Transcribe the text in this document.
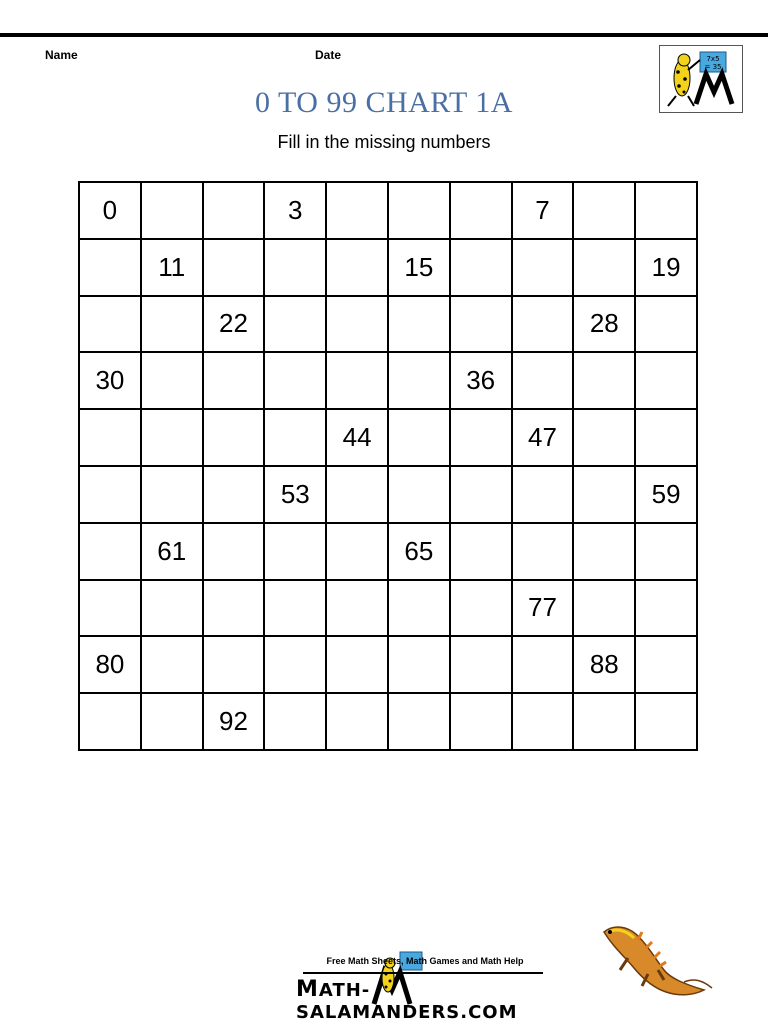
Name	Date	7x5
= 35
0 TO 99 CHART 1A
Fill in the missing numbers
0			3				7		
	11				15				19
		22						28	
30						36			
				44			47		
			53						59
	61				65				
							77		
80								88	
		92							
Free Math Sheets, Math Games and Math Help
MATH-SALAMANDERS.COM
